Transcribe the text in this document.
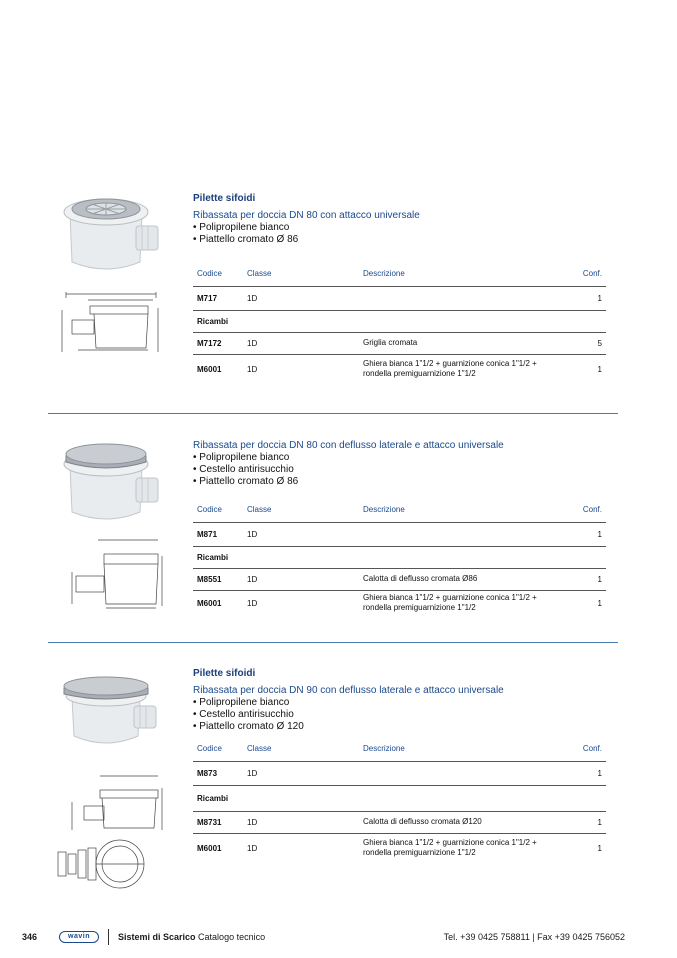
Pilette sifoidi
Ribassata per doccia DN 80 con attacco universale
• Polipropilene bianco
• Piattello cromato Ø 86
Codice	Classe	Descrizione	Conf.
M717	1D		1
Ricambi			
M7172	1D	Griglia cromata	5
M6001	1D	Ghiera bianca 1"1/2 + guarnizione conica 1"1/2 + rondella premiguarnizione 1"1/2	1
Ribassata per doccia DN 80 con deflusso laterale e attacco universale
• Polipropilene bianco
• Cestello antirisucchio
• Piattello cromato Ø 86
Codice	Classe	Descrizione	Conf.
M871	1D		1
Ricambi			
M8551	1D	Calotta di deflusso cromata Ø86	1
M6001	1D	Ghiera bianca 1"1/2 + guarnizione conica 1"1/2 + rondella premiguarnizione 1"1/2	1
Pilette sifoidi
Ribassata per doccia DN 90 con deflusso laterale e attacco universale
• Polipropilene bianco
• Cestello antirisucchio
• Piattello cromato Ø 120
Codice	Classe	Descrizione	Conf.
M873	1D		1
Ricambi			
M8731	1D	Calotta di deflusso cromata Ø120	1
M6001	1D	Ghiera bianca 1"1/2 + guarnizione conica 1"1/2 + rondella premiguarnizione 1"1/2	1
346	wavin	Sistemi di Scarico Catalogo tecnico	Tel. +39 0425 758811 | Fax +39 0425 756052
